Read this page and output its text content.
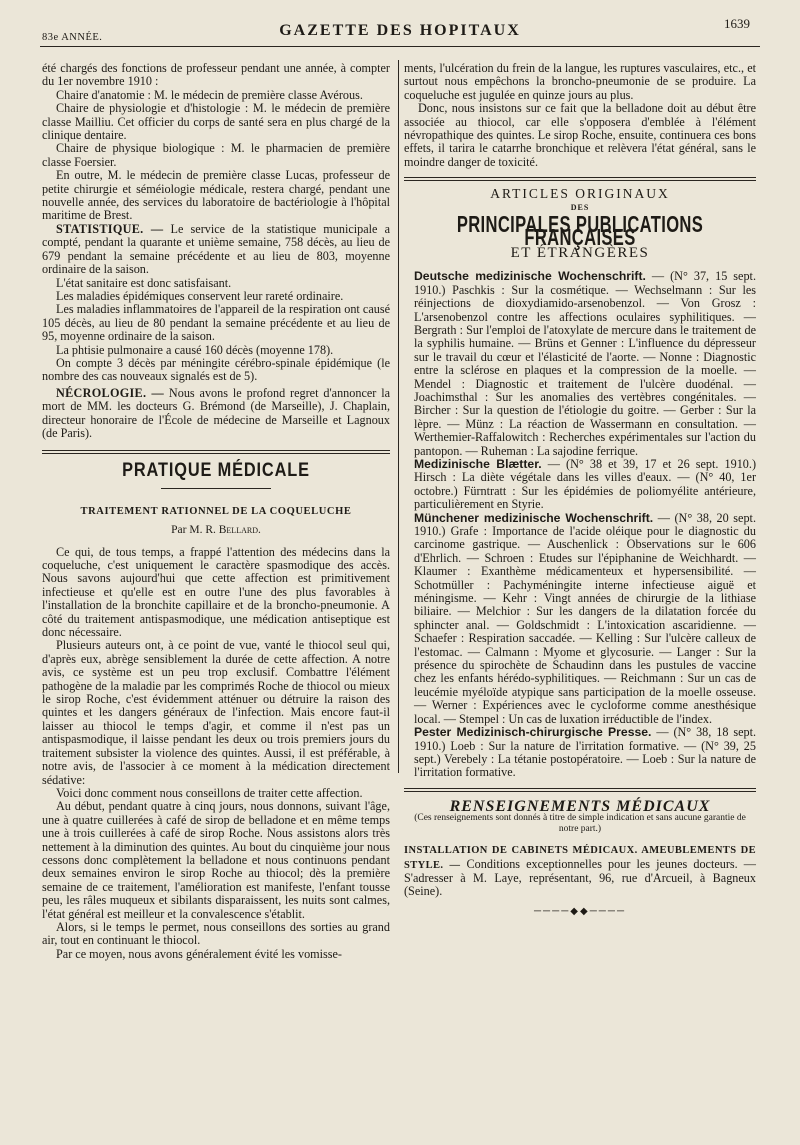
83e ANNÉE.	GAZETTE DES HOPITAUX	1639

été chargés des fonctions de professeur pendant une année, à compter du 1er novembre 1910 :

Chaire d'anatomie : M. le médecin de première classe Avérous.

Chaire de physiologie et d'histologie : M. le médecin de première classe Mailliu. Cet officier du corps de santé sera en plus chargé de la clinique dentaire.

Chaire de physique biologique : M. le pharmacien de première classe Foersier.

En outre, M. le médecin de première classe Lucas, professeur de petite chirurgie et séméiologie médicale, restera chargé, pendant une nouvelle année, des services du laboratoire de bactériologie à l'hôpital maritime de Brest.

STATISTIQUE. — Le service de la statistique municipale a compté, pendant la quarante et unième semaine, 758 décès, au lieu de 679 pendant la semaine précédente et au lieu de 803, moyenne ordinaire de la saison.

L'état sanitaire est donc satisfaisant.

Les maladies épidémiques conservent leur rareté ordinaire.

Les maladies inflammatoires de l'appareil de la respiration ont causé 105 décès, au lieu de 80 pendant la semaine précédente et au lieu de 95, moyenne ordinaire de la saison.

La phtisie pulmonaire a causé 160 décès (moyenne 178).

On compte 3 décès par méningite cérébro-spinale épidémique (le nombre des cas nouveaux signalés est de 5).

NÉCROLOGIE. — Nous avons le profond regret d'annoncer la mort de MM. les docteurs G. Brémond (de Marseille), J. Chaplain, directeur honoraire de l'École de médecine de Marseille et Lagnoux (de Paris).

PRATIQUE MÉDICALE
TRAITEMENT RATIONNEL DE LA COQUELUCHE
Par M. R. Bellard.

Ce qui, de tous temps, a frappé l'attention des médecins dans la coqueluche, c'est uniquement le caractère spasmodique des accès. Nous savons aujourd'hui que cette affection est primitivement infectieuse et qu'elle est en outre l'une des plus favorables à l'installation de la bronchite capillaire et de la broncho-pneumonie. A côté du traitement antispasmodique, une médication antiseptique est donc nécessaire.

Plusieurs auteurs ont, à ce point de vue, vanté le thiocol seul qui, d'après eux, abrège sensiblement la durée de cette affection. A notre avis, ce système est un peu trop exclusif. Combattre l'élément pathogène de la maladie par les comprimés Roche de thiocol ou mieux le sirop Roche, c'est évidemment atténuer ou détruire la raison des quintes et les dangers généraux de l'infection. Mais encore faut-il laisser au thiocol le temps d'agir, et comme il n'est pas un antispasmodique, il laisse pendant les deux ou trois premiers jours du traitement subsister la violence des quintes. Aussi, il est préférable, à notre avis, de l'associer à ce moment à la médication directement sédative:

Voici donc comment nous conseillons de traiter cette affection.

Au début, pendant quatre à cinq jours, nous donnons, suivant l'âge, une à quatre cuillerées à café de sirop de belladone et en même temps une à trois cuillerées à café de sirop Roche. Nous assistons alors très nettement à la diminution des quintes. Au bout du cinquième jour nous cessons donc complètement la belladone et nous continuons pendant deux semaines environ le sirop Roche au thiocol; dès la première semaine de ce traitement, l'amélioration est manifeste, l'enfant tousse peu, les râles muqueux et sibilants disparaissent, les nuits sont calmes, l'état général est meilleur et la convalescence s'établit.

Alors, si le temps le permet, nous conseillons des sorties au grand air, tout en continuant le thiocol.

Par ce moyen, nous avons généralement évité les vomisse-

ments, l'ulcération du frein de la langue, les ruptures vasculaires, etc., et surtout nous empêchons la broncho-pneumonie de se produire. La coqueluche est jugulée en quinze jours au plus.

Donc, nous insistons sur ce fait que la belladone doit au début être associée au thiocol, car elle s'opposera d'emblée à l'élément névropathique des quintes. Le sirop Roche, ensuite, continuera ces bons effets, il tarira le catarrhe bronchique et relèvera l'état général, sans le moindre danger de toxicité.

ARTICLES ORIGINAUX
DES
PRINCIPALES PUBLICATIONS FRANÇAISES
ET ÉTRANGÈRES

Deutsche medizinische Wochenschrift. — (N° 37, 15 sept. 1910.) Paschkis : Sur la cosmétique. — Wechselmann : Sur les réinjections de dioxydiamido-arsenobenzol. — Von Grosz : L'arsenobenzol contre les affections oculaires syphilitiques. — Bergrath : Sur l'emploi de l'atoxylate de mercure dans le traitement de la syphilis humaine. — Brüns et Genner : L'influence du dépresseur sur le travail du cœur et l'élasticité de l'aorte. — Nonne : Diagnostic entre la sclérose en plaques et la compression de la moelle. — Mendel : Diagnostic et traitement de l'ulcère duodénal. — Joachimsthal : Sur les anomalies des vertèbres congénitales. — Bircher : Sur la question de l'étiologie du goitre. — Gerber : Sur la lèpre. — Münz : La réaction de Wassermann en consultation. — Werthemier-Raffalowitch : Recherches expérimentales sur l'action du pantopon. — Ruheman : La sajodine ferrique.

Medizinische Blætter. — (N° 38 et 39, 17 et 26 sept. 1910.) Hirsch : La diète végétale dans les villes d'eaux. — (N° 40, 1er octobre.) Fürntratt : Sur les épidémies de poliomyélite antérieure, particulièrement en Styrie.

Münchener medizinische Wochenschrift. — (N° 38, 20 sept. 1910.) Grafe : Importance de l'acide oléique pour le diagnostic du carcinome gastrique. — Auschenlick : Observations sur le 606 d'Ehrlich. — Schroen : Etudes sur l'épiphanine de Weichhardt. — Klaumer : Exanthème médicamenteux et hypersensibilité. — Schotmüller : Pachyméningite interne infectieuse aiguë et méningisme. — Kehr : Vingt années de chirurgie de la lithiase biliaire. — Melchior : Sur les dangers de la dilatation forcée du sphincter anal. — Goldschmidt : L'intoxication ascaridienne. — Schaefer : Respiration saccadée. — Kelling : Sur l'ulcère calleux de l'estomac. — Calmann : Myome et glycosurie. — Langer : Sur la présence du spirochète de Schaudinn dans les pustules de vaccine chez les enfants hérédo-syphilitiques. — Reichmann : Sur un cas de leucémie myéloïde atypique sans participation de la moelle osseuse. — Werner : Expériences avec le cycloforme comme anesthésique local. — Stempel : Un cas de luxation irréductible de l'index.

Pester Medizinisch-chirurgische Presse. — (N° 38, 18 sept. 1910.) Loeb : Sur la nature de l'irritation formative. — (N° 39, 25 sept.) Verebely : La tétanie postopératoire. — Loeb : Sur la nature de l'irritation formative.

RENSEIGNEMENTS MÉDICAUX
(Ces renseignements sont donnés à titre de simple indication et sans aucune garantie de notre part.)

INSTALLATION DE CABINETS MÉDICAUX. AMEUBLEMENTS DE STYLE. — Conditions exceptionnelles pour les jeunes docteurs. — S'adresser à M. Laye, représentant, 96, rue d'Arcueil, à Bagneux (Seine).

────◆◆────
